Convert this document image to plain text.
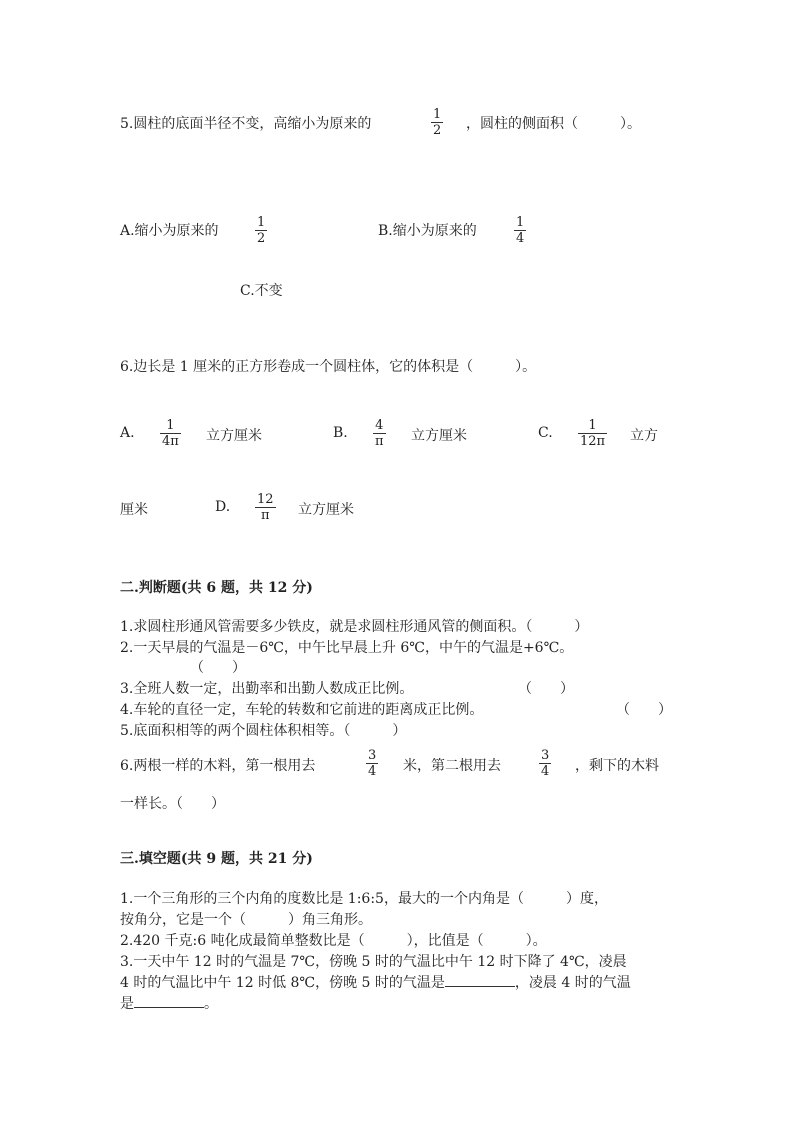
5.圆柱的底面半径不变，高缩小为原来的	$\frac{1}{2}$ ，圆柱的侧面积（　　　）。
A.缩小为原来的	$\frac{1}{2}$	B.缩小为原来的	$\frac{1}{4}$
C.不变
6.边长是 1 厘米的正方形卷成一个圆柱体，它的体积是（　　　）。
A. $\frac{1}{4\pi}$ 立方厘米	B. $\frac{4}{\pi}$ 立方厘米	C. $\frac{1}{12\pi}$ 立方
厘米	D. $\frac{12}{\pi}$ 立方厘米
二.判断题(共 6 题，共 12 分)
1.求圆柱形通风管需要多少铁皮，就是求圆柱形通风管的侧面积。（　　　）
2.一天早晨的气温是－6℃，中午比早晨上升 6℃，中午的气温是+6℃。
（　　）
3.全班人数一定，出勤率和出勤人数成正比例。	（　　）
4.车轮的直径一定，车轮的转数和它前进的距离成正比例。	（　　）
5.底面积相等的两个圆柱体积相等。（　　　）
6.两根一样的木料，第一根用去	$\frac{3}{4}$ 米，第二根用去	$\frac{3}{4}$ ，剩下的木料
一样长。（　　）
三.填空题(共 9 题，共 21 分)
1.一个三角形的三个内角的度数比是 1:6:5，最大的一个内角是（　　　）度，
按角分，它是一个（　　　）角三角形。
2.420 千克:6 吨化成最简单整数比是（　　　），比值是（　　　）。
3.一天中午 12 时的气温是 7℃，傍晚 5 时的气温比中午 12 时下降了 4℃，凌晨
4 时的气温比中午 12 时低 8℃，傍晚 5 时的气温是	，凌晨 4 时的气温
是	。
